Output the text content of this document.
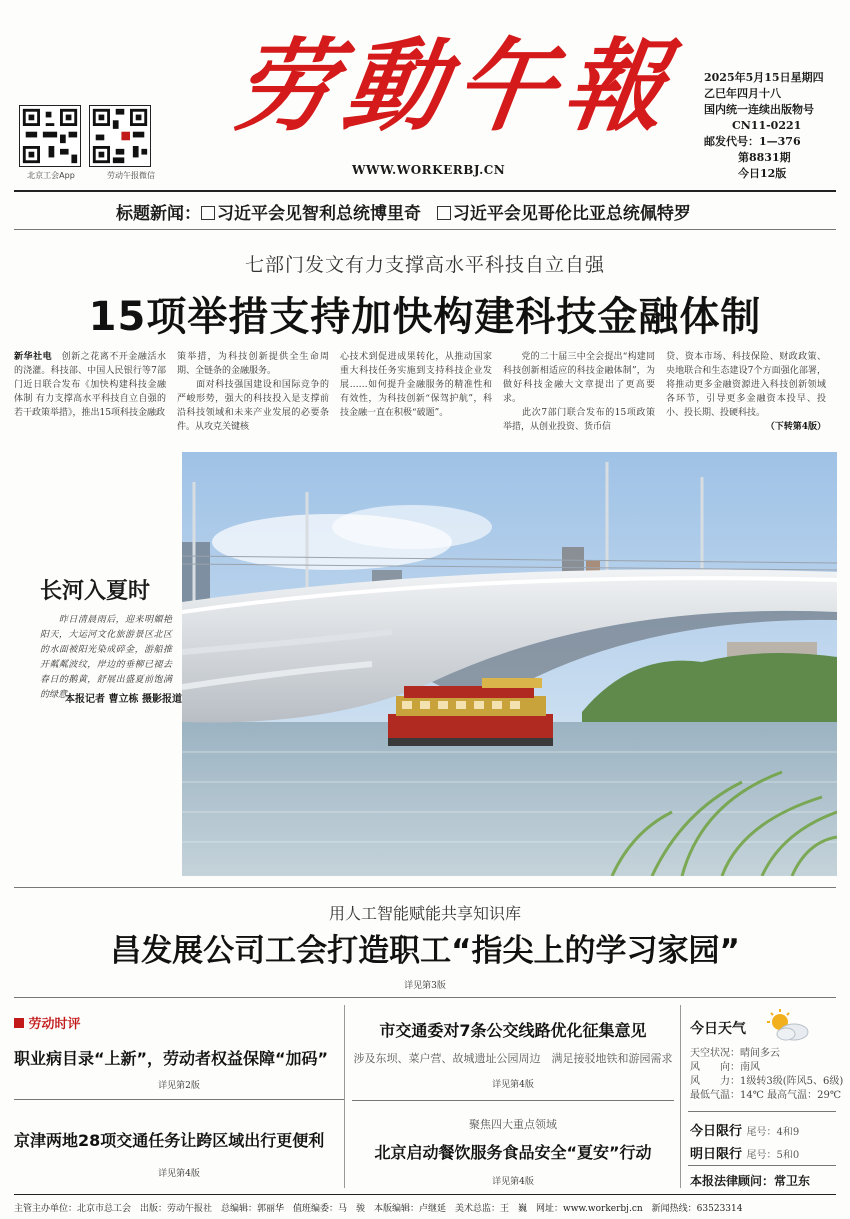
北京工会App	劳动午报微信
劳動午報
WWW.WORKERBJ.CN
2025年5月15日星期四
乙巳年四月十八
国内统一连续出版物号
CN11-0221
邮发代号：1—376
第8831期
今日12版
标题新闻： 习近平会见智利总统博里奇 习近平会见哥伦比亚总统佩特罗
七部门发文有力支撑高水平科技自立自强
15项举措支持加快构建科技金融体制
新华社电　创新之花离不开金融活水的浇灌。科技部、中国人民银行等7部门近日联合发布《加快构建科技金融体制 有力支撑高水平科技自立自强的若干政策举措》，推出15项科技金融政
策举措，为科技创新提供全生命周期、全链条的金融服务。
　　面对科技强国建设和国际竞争的严峻形势，强大的科技投入是支撑前沿科技领域和未来产业发展的必要条件。从攻克关键核
心技术到促进成果转化，从推动国家重大科技任务实施到支持科技企业发展……如何提升金融服务的精准性和有效性，为科技创新“保驾护航”，科技金融一直在积极“破题”。
　　党的二十届三中全会提出“构建同科技创新相适应的科技金融体制”，为做好科技金融大文章提出了更高要求。
　　此次7部门联合发布的15项政策举措，从创业投资、货币信
贷、资本市场、科技保险、财政政策、央地联合和生态建设7个方面强化部署，将推动更多金融资源进入科技创新领域各环节，引导更多金融资本投早、投小、投长期、投硬科技。

（下转第4版）
长河入夏时
　　昨日清晨雨后，迎来明媚艳阳天，大运河文化旅游景区北区的水面被阳光染成碎金，游船推开粼粼波纹，岸边的垂柳已褪去春日的鹅黄，舒展出盛夏前饱满的绿意。
本报记者 曹立栋 摄影报道
用人工智能赋能共享知识库
昌发展公司工会打造职工“指尖上的学习家园”
详见第3版
劳动时评
职业病目录“上新”，劳动者权益保障“加码”
详见第2版
京津两地28项交通任务让跨区域出行更便利
详见第4版
市交通委对7条公交线路优化征集意见
涉及东坝、菜户营、故城遗址公园周边　满足接驳地铁和游园需求
详见第4版
聚焦四大重点领域
北京启动餐饮服务食品安全“夏安”行动
详见第4版
今日天气
天空状况：晴间多云
风　　向：南风
风　　力：1级转3级(阵风5、6级)
最低气温：14℃ 最高气温：29℃
今日限行 尾号：4和9
明日限行 尾号：5和0
本报法律顾问：常卫东
主管主办单位：北京市总工会　出版：劳动午报社　总编辑：郭丽华　值班编委：马　骏　本版编辑：卢继延　美术总监：王　巍　网址：www.workerbj.cn　新闻热线：63523314
